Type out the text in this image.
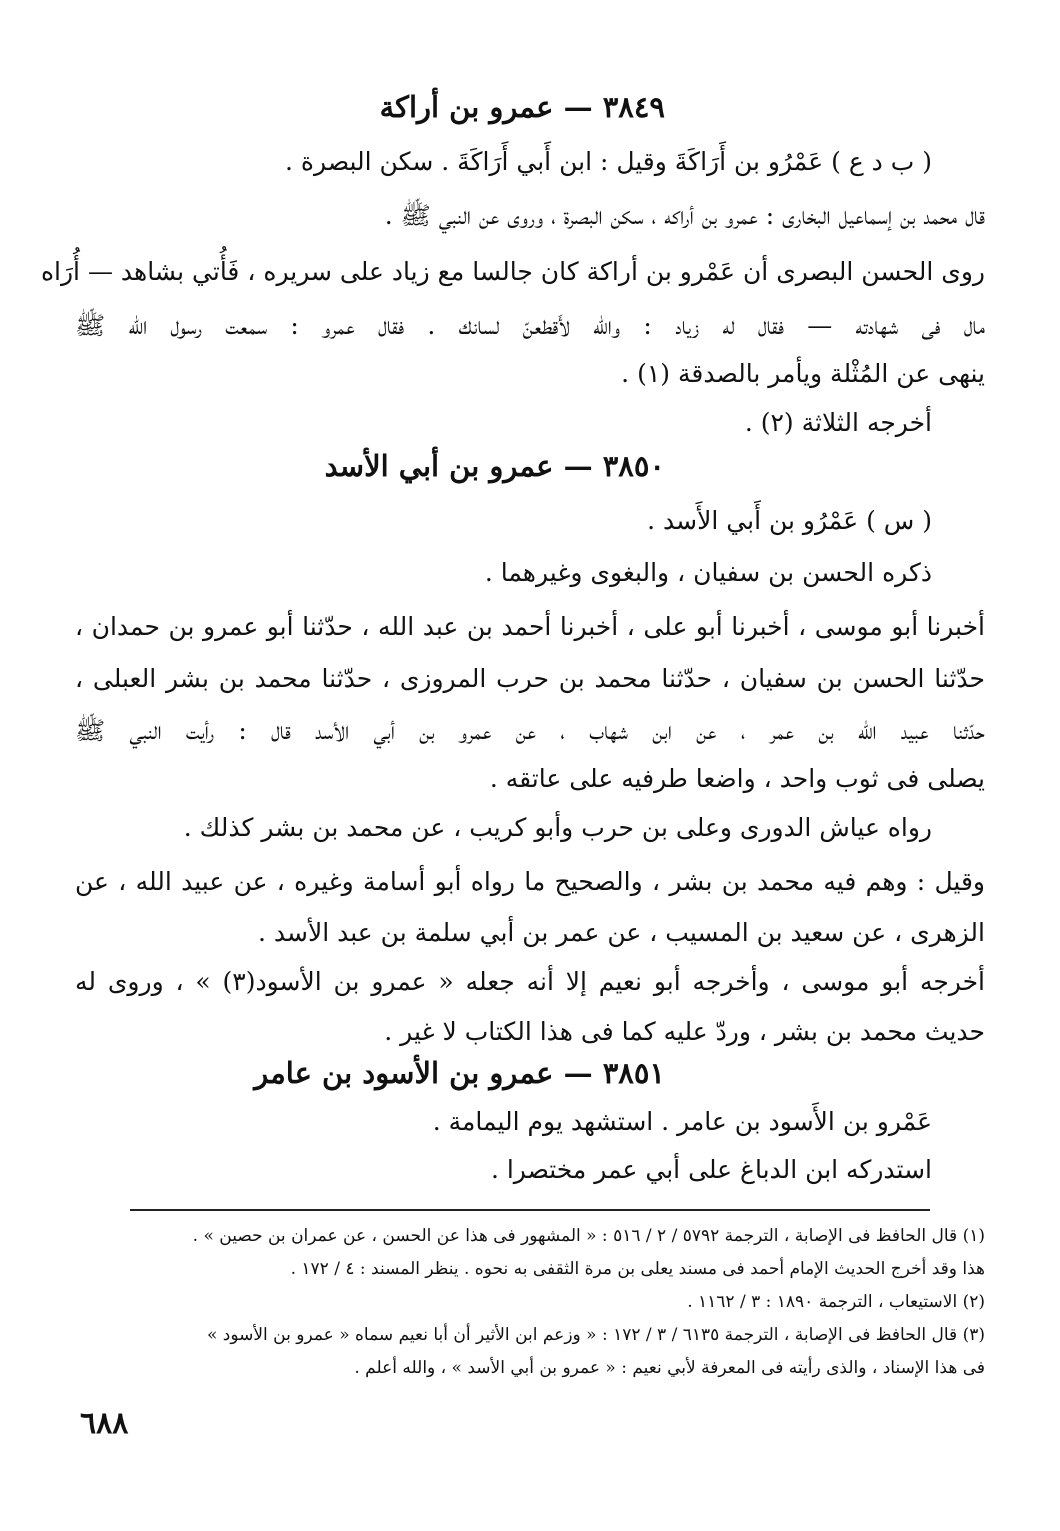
٣٨٤٩ — عمرو بن أراكة
( ب د ع ) عَمْرُو بن أَرَاكَةَ وقيل : ابن أَبي أَرَاكَةَ . سكن البصرة .
قال محمد بن إسماعيل البخارى : عمرو بن أراكه ، سكن البصرة ، وروى عن النبي ﷺ .
روى الحسن البصرى أن عَمْرو بن أراكة كان جالسا مع زياد على سريره ، فَأُتي بشاهد — أُرَاه
مال فى شهادته — فقال له زياد : والله لأَقطعنّ لسانك . فقال عمرو : سمعت رسول الله ﷺ
ينهى عن المُثْلة ويأمر بالصدقة (١) .
أخرجه الثلاثة (٢) .
٣٨٥٠ — عمرو بن أبي الأسد
( س ) عَمْرُو بن أَبي الأَسد .
ذكره الحسن بن سفيان ، والبغوى وغيرهما .
أخبرنا أبو موسى ، أخبرنا أبو على ، أخبرنا أحمد بن عبد الله ، حدّثنا أبو عمرو بن حمدان ،
حدّثنا الحسن بن سفيان ، حدّثنا محمد بن حرب المروزى ، حدّثنا محمد بن بشر العبلى ،
حدّثنا عبيد الله بن عمر ، عن ابن شهاب ، عن عمرو بن أبي الأسد قال : رأيت النبي ﷺ
يصلى فى ثوب واحد ، واضعا طرفيه على عاتقه .
رواه عياش الدورى وعلى بن حرب وأبو كريب ، عن محمد بن بشر كذلك .
وقيل : وهم فيه محمد بن بشر ، والصحيح ما رواه أبو أسامة وغيره ، عن عبيد الله ، عن
الزهرى ، عن سعيد بن المسيب ، عن عمر بن أبي سلمة بن عبد الأسد .
أخرجه أبو موسى ، وأخرجه أبو نعيم إلا أنه جعله « عمرو بن الأسود(٣) » ، وروى له
حديث محمد بن بشر ، وردّ عليه كما فى هذا الكتاب لا غير .
٣٨٥١ — عمرو بن الأسود بن عامر
عَمْرو بن الأَسود بن عامر . استشهد يوم اليمامة .
استدركه ابن الدباغ على أبي عمر مختصرا .
(١) قال الحافظ فى الإصابة ، الترجمة ٥٧٩٢ / ٢ / ٥١٦ : « المشهور فى هذا عن الحسن ، عن عمران بن حصين » .
هذا وقد أخرج الحديث الإمام أحمد فى مسند يعلى بن مرة الثقفى به نحوه . ينظر المسند : ٤ / ١٧٢ .
(٢) الاستيعاب ، الترجمة ١٨٩٠ : ٣ / ١١٦٢ .
(٣) قال الحافظ فى الإصابة ، الترجمة ٦١٣٥ / ٣ / ١٧٢ : « وزعم ابن الأثير أن أبا نعيم سماه « عمرو بن الأسود »
فى هذا الإسناد ، والذى رأيته فى المعرفة لأبي نعيم : « عمرو بن أبي الأسد » ، والله أعلم .
٦٨٨
